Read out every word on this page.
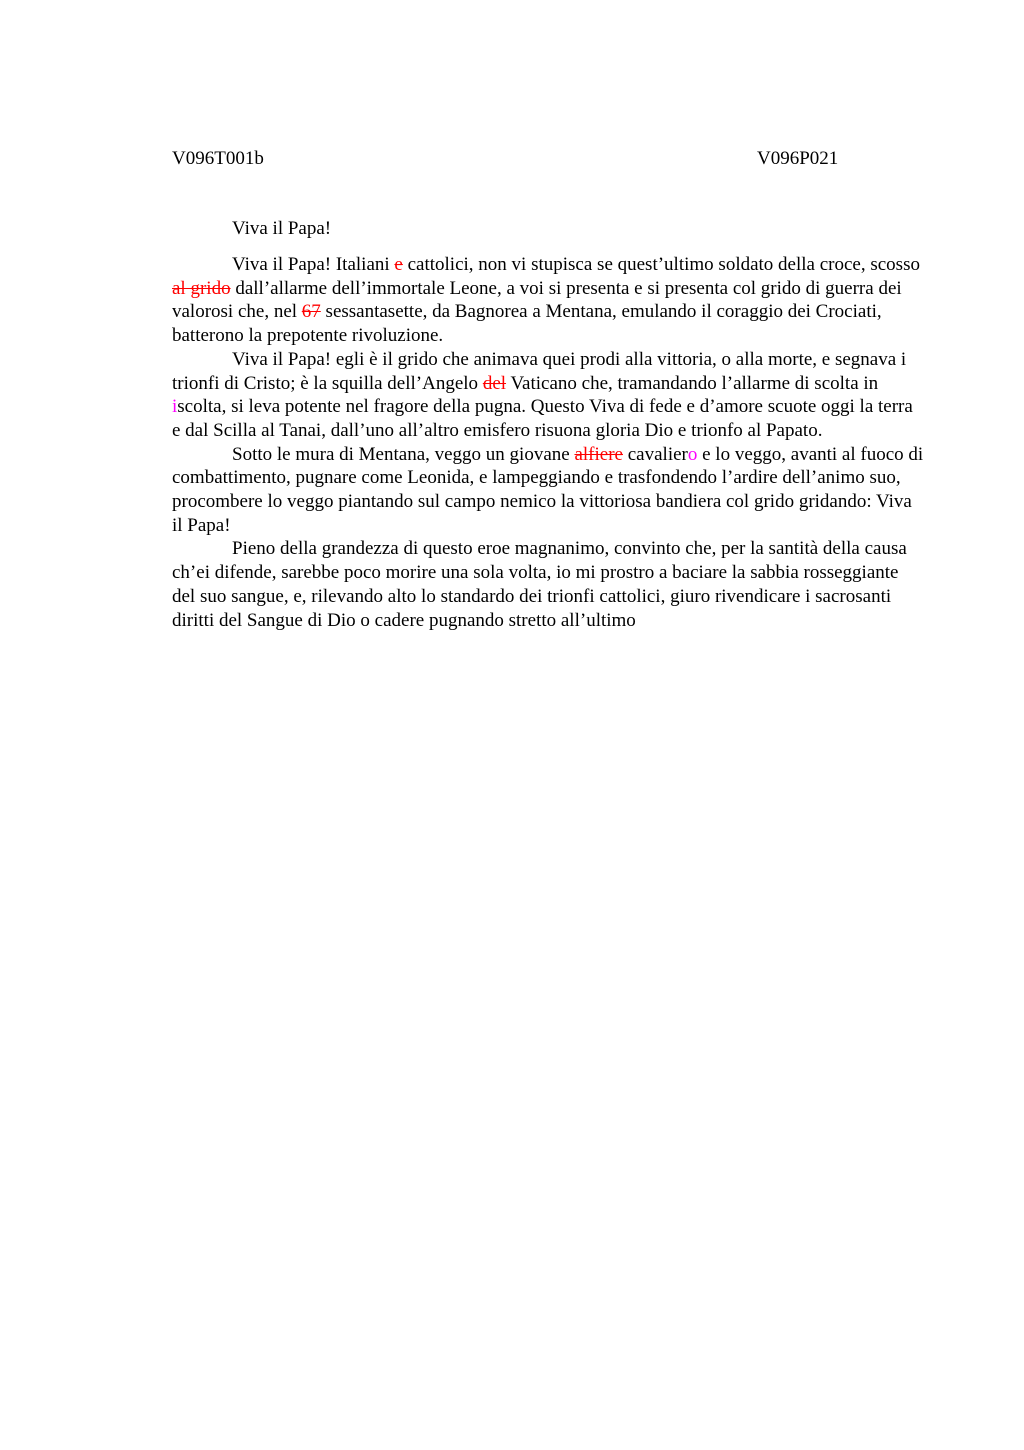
V096T001b	V096P021
Viva il Papa!

Viva il Papa! Italiani e cattolici, non vi stupisca se quest’ultimo soldato della croce, scosso al grido dall’allarme dell’immortale Leone, a voi si presenta e si presenta col grido di guerra dei valorosi che, nel 67 sessantasette, da Bagnorea a Mentana, emulando il coraggio dei Crociati, batterono la prepotente rivoluzione.

Viva il Papa! egli è il grido che animava quei prodi alla vittoria, o alla morte, e segnava i trionfi di Cristo; è la squilla dell’Angelo del Vaticano che, tramandando l’allarme di scolta in iscolta, si leva potente nel fragore della pugna. Questo Viva di fede e d’amore scuote oggi la terra e dal Scilla al Tanai, dall’uno all’altro emisfero risuona gloria Dio e trionfo al Papato.

Sotto le mura di Mentana, veggo un giovane alfiere cavaliero e lo veggo, avanti al fuoco di combattimento, pugnare come Leonida, e lampeggiando e trasfondendo l’ardire dell’animo suo, procombere lo veggo piantando sul campo nemico la vittoriosa bandiera col grido gridando: Viva il Papa!

Pieno della grandezza di questo eroe magnanimo, convinto che, per la santità della causa ch’ei difende, sarebbe poco morire una sola volta, io mi prostro a baciare la sabbia rosseggiante del suo sangue, e, rilevando alto lo standardo dei trionfi cattolici, giuro rivendicare i sacrosanti diritti del Sangue di Dio o cadere pugnando stretto all’ultimo
